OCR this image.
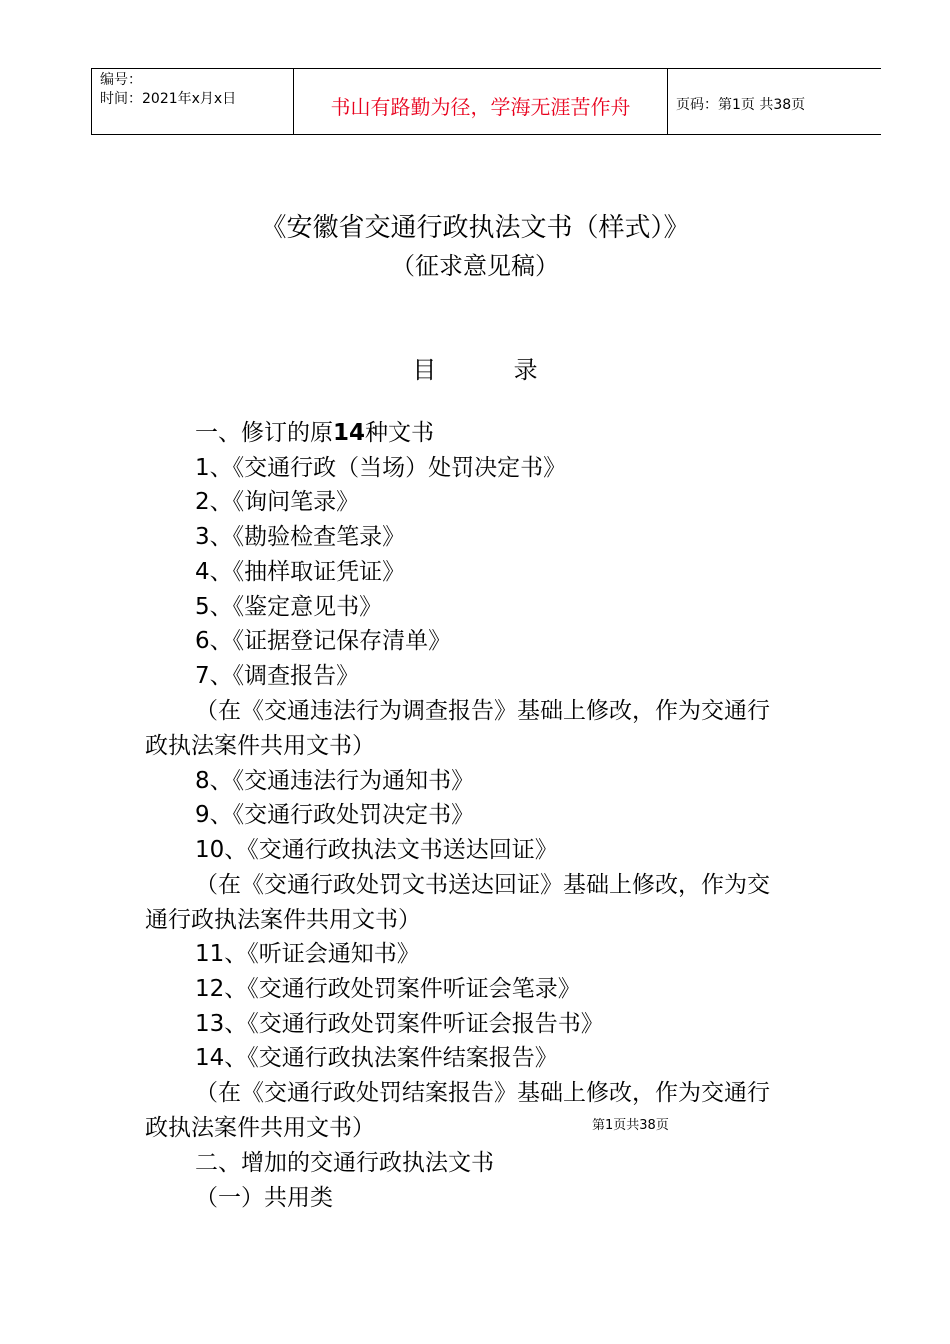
编号：
时间：2021年x月x日	书山有路勤为径，学海无涯苦作舟	页码：第1页 共38页
《安徽省交通行政执法文书（样式）》
（征求意见稿）
目	录
一、修订的原14种文书
1、《交通行政（当场）处罚决定书》
2、《询问笔录》
3、《勘验检查笔录》
4、《抽样取证凭证》
5、《鉴定意见书》
6、《证据登记保存清单》
7、《调查报告》
（在《交通违法行为调查报告》基础上修改，作为交通行
政执法案件共用文书）
8、《交通违法行为通知书》
9、《交通行政处罚决定书》
10、《交通行政执法文书送达回证》
（在《交通行政处罚文书送达回证》基础上修改，作为交
通行政执法案件共用文书）
11、《听证会通知书》
12、《交通行政处罚案件听证会笔录》
13、《交通行政处罚案件听证会报告书》
14、《交通行政执法案件结案报告》
（在《交通行政处罚结案报告》基础上修改，作为交通行
政执法案件共用文书）	第1页共38页
二、增加的交通行政执法文书
（一）共用类
